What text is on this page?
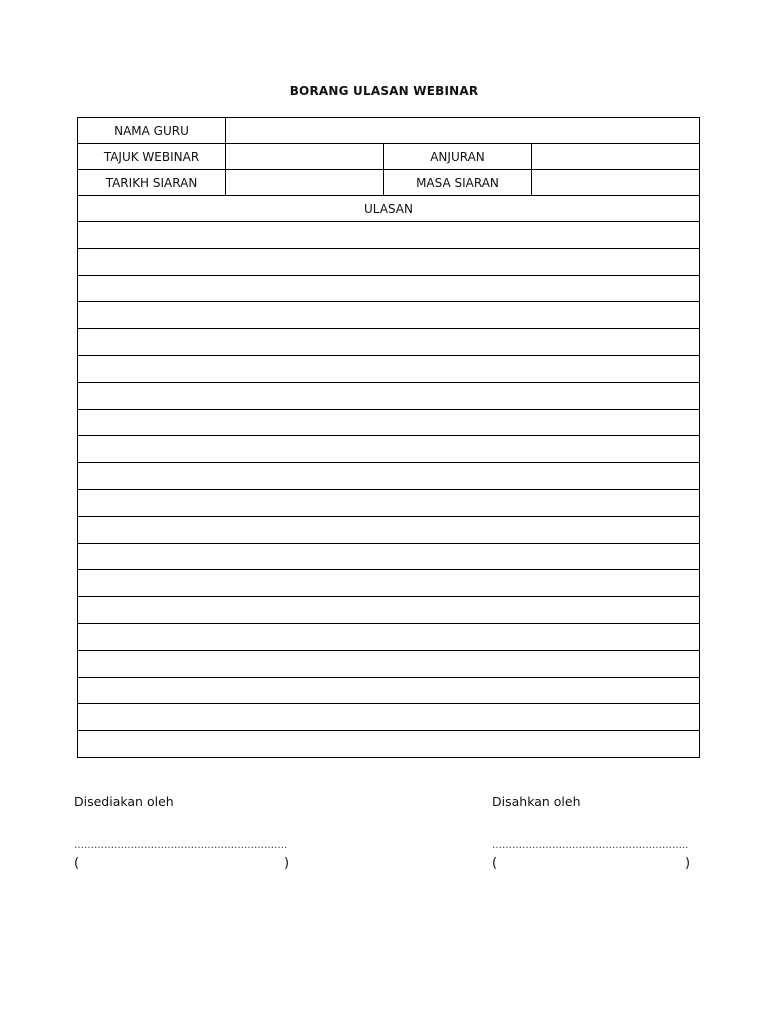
BORANG ULASAN WEBINAR
NAMA GURU			
TAJUK WEBINAR		ANJURAN	
TARIKH SIARAN		MASA SIARAN	
ULASAN			

Disediakan oleh	Disahkan oleh
……………………………………………………….	…………………………………………………..
(	)	(	)
